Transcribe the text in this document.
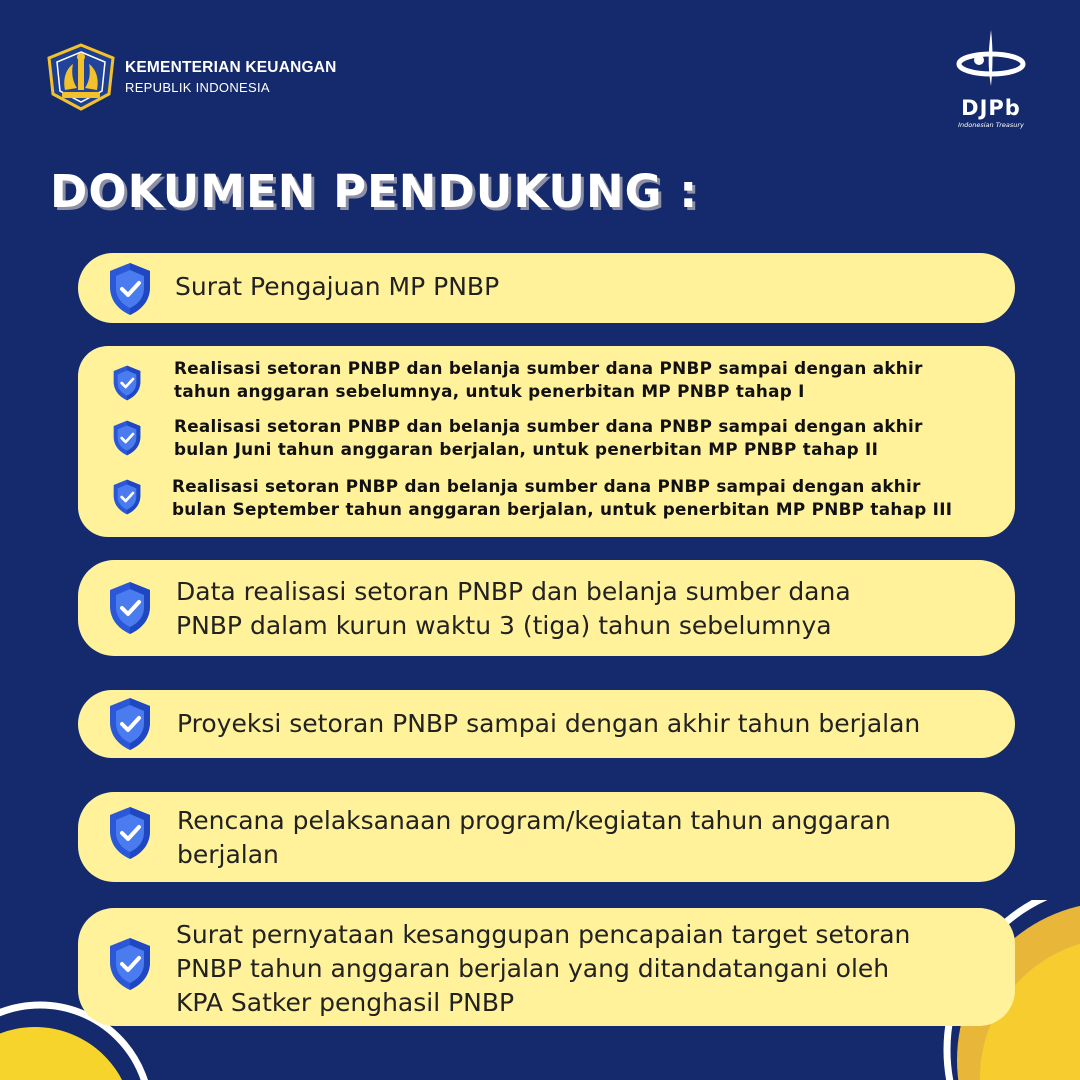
KEMENTERIAN KEUANGAN
REPUBLIK INDONESIA
DJPb
Indonesian Treasury
DOKUMEN PENDUKUNG :
Surat Pengajuan MP PNBP
Realisasi setoran PNBP dan belanja sumber dana PNBP sampai dengan akhir
tahun anggaran sebelumnya, untuk penerbitan MP PNBP tahap I
Realisasi setoran PNBP dan belanja sumber dana PNBP sampai dengan akhir
bulan Juni tahun anggaran berjalan, untuk penerbitan MP PNBP tahap II
Realisasi setoran PNBP dan belanja sumber dana PNBP sampai dengan akhir
bulan September tahun anggaran berjalan, untuk penerbitan MP PNBP tahap III
Data realisasi setoran PNBP dan belanja sumber dana
PNBP dalam kurun waktu 3 (tiga) tahun sebelumnya
Proyeksi setoran PNBP sampai dengan akhir tahun berjalan
Rencana pelaksanaan program/kegiatan tahun anggaran
berjalan
Surat pernyataan kesanggupan pencapaian target setoran
PNBP tahun anggaran berjalan yang ditandatangani oleh
KPA Satker penghasil PNBP
